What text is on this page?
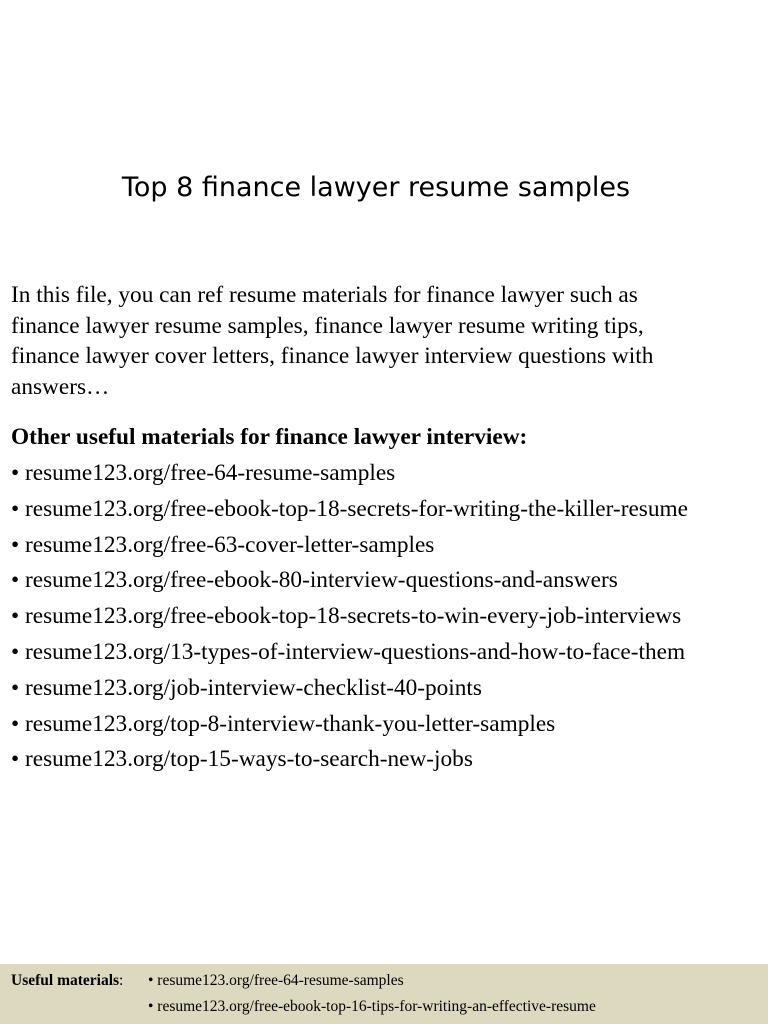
Top 8 finance lawyer resume samples

In this file, you can ref resume materials for finance lawyer such as
finance lawyer resume samples, finance lawyer resume writing tips,
finance lawyer cover letters, finance lawyer interview questions with
answers…

Other useful materials for finance lawyer interview:
• resume123.org/free-64-resume-samples
• resume123.org/free-ebook-top-18-secrets-for-writing-the-killer-resume
• resume123.org/free-63-cover-letter-samples
• resume123.org/free-ebook-80-interview-questions-and-answers
• resume123.org/free-ebook-top-18-secrets-to-win-every-job-interviews
• resume123.org/13-types-of-interview-questions-and-how-to-face-them
• resume123.org/job-interview-checklist-40-points
• resume123.org/top-8-interview-thank-you-letter-samples
• resume123.org/top-15-ways-to-search-new-jobs
Useful materials: • resume123.org/free-64-resume-samples
• resume123.org/free-ebook-top-16-tips-for-writing-an-effective-resume
